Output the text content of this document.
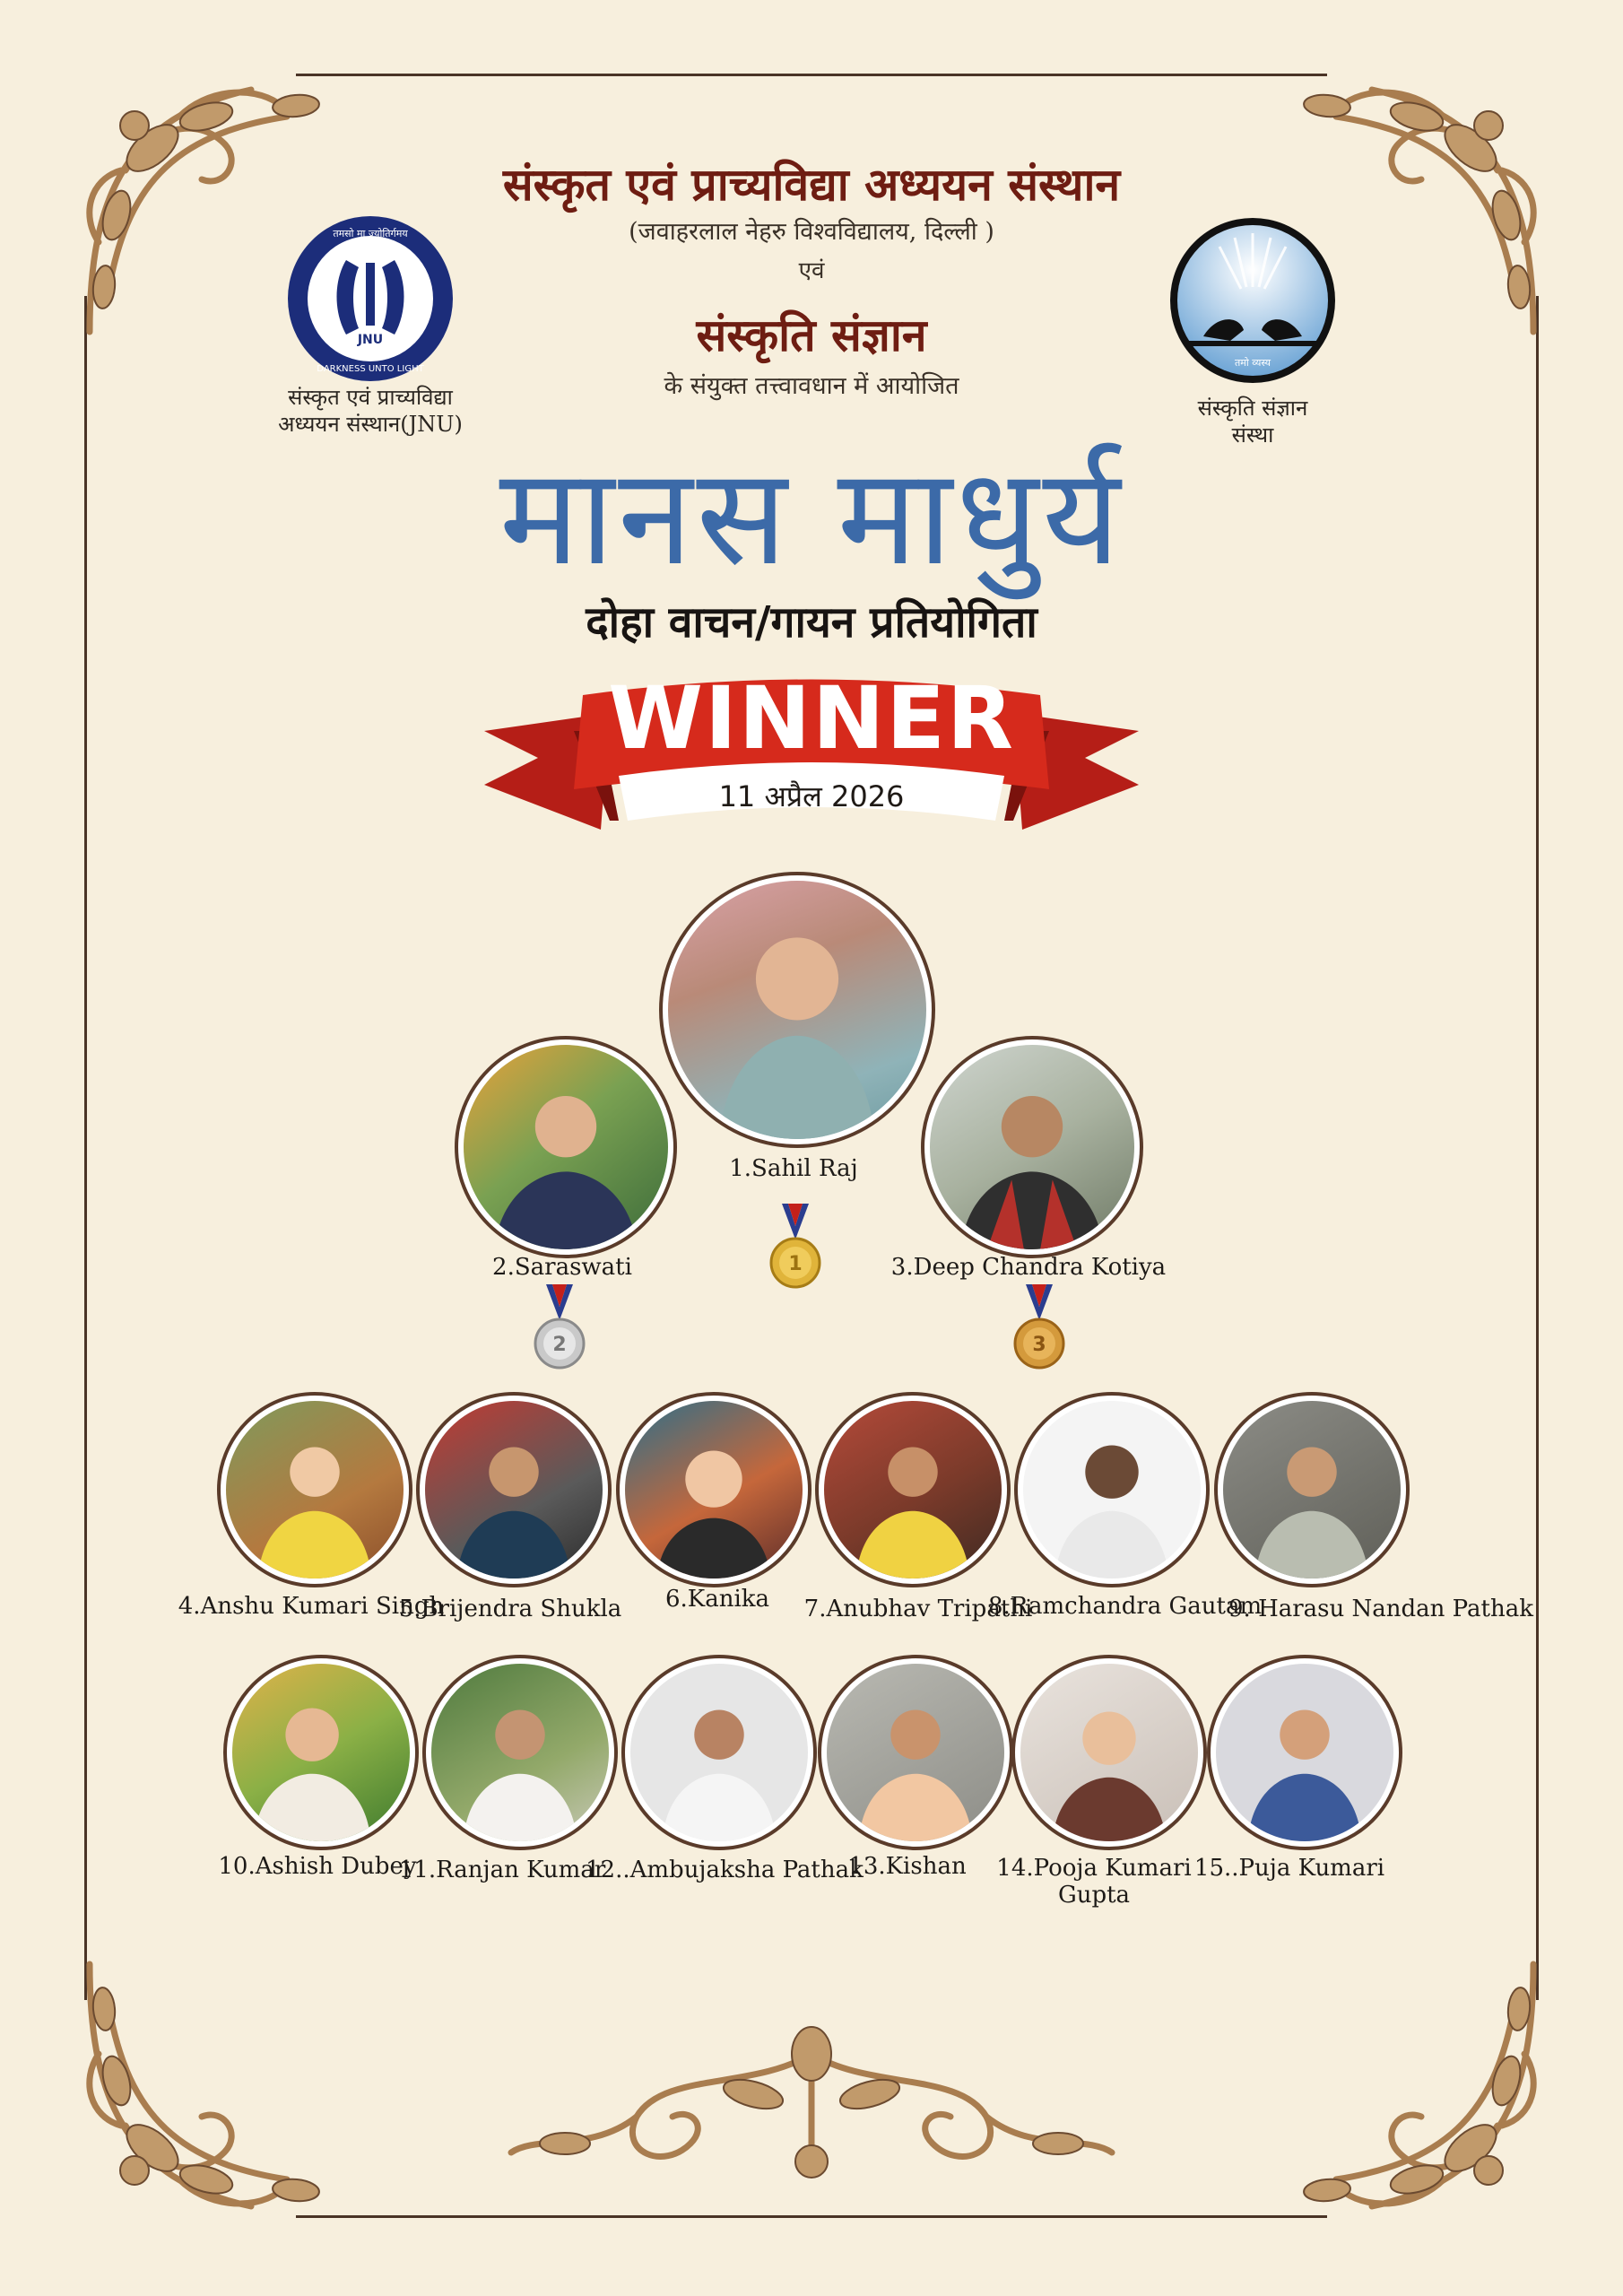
संस्कृत एवं प्राच्यविद्या अध्ययन संस्थान
(जवाहरलाल नेहरु विश्वविद्यालय, दिल्ली )
एवं
संस्कृति संज्ञान
के संयुक्त तत्त्वावधान में आयोजित
JNU
तमसो मा ज्योतिर्गमय
DARKNESS UNTO LIGHT
संस्कृत एवं प्राच्यविद्या
अध्ययन संस्थान(JNU)
तमो व्यस्य
संस्कृति संज्ञान
संस्था
मानस माधुर्य
दोहा वाचन/गायन प्रतियोगिता
WINNER
11 अप्रैल 2026
1.Sahil Raj
2.Saraswati	3.Deep Chandra Kotiya
1
2	3
4.Anshu Kumari Singh
5.Brijendra Shukla	6.Kanika	7.Anubhav Tripathi
8.Ramchandra Gautam
9. Harasu Nandan Pathak
10.Ashish Dubey
11.Ranjan Kumar
12..Ambujaksha Pathak
13.Kishan	14.Pooja Kumari
Gupta
15..Puja Kumari
